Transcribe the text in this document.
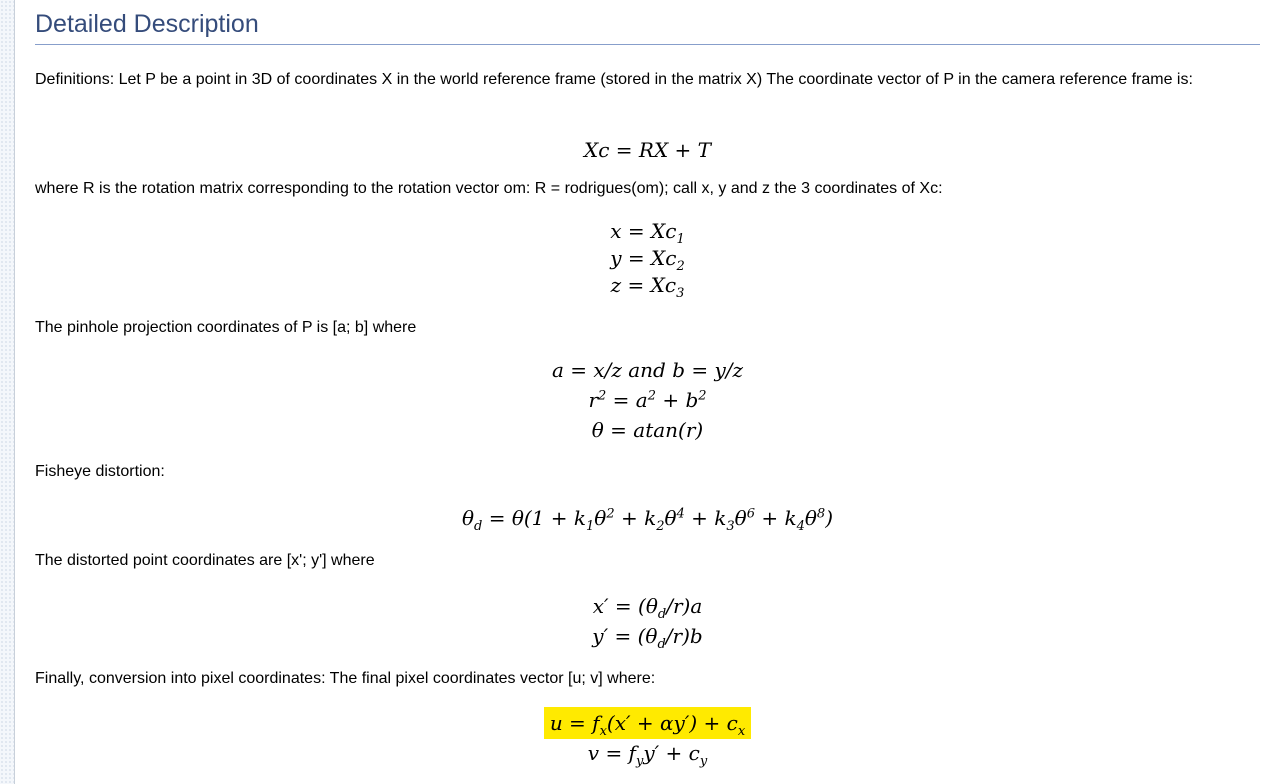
Detailed Description

Definitions: Let P be a point in 3D of coordinates X in the world reference frame (stored in the matrix X) The coordinate vector of P in the camera reference frame is:

Xc = RX + T

where R is the rotation matrix corresponding to the rotation vector om: R = rodrigues(om); call x, y and z the 3 coordinates of Xc:

$x = Xc_1$
$y = Xc_2$
$z = Xc_3$

The pinhole projection coordinates of P is [a; b] where

a = x/z and b = y/z
$r^2 = a^2 + b^2$
θ = atan(r)

Fisheye distortion:

$\theta_d = \theta(1 + k_1\theta^2 + k_2\theta^4 + k_3\theta^6 + k_4\theta^8)$

The distorted point coordinates are [x'; y'] where

$x' = (\theta_d/r)a$
$y' = (\theta_d/r)b$

Finally, conversion into pixel coordinates: The final pixel coordinates vector [u; v] where:

$u = f_x(x' + \alpha y') + c_x$
$v = f_yy' + c_y$
